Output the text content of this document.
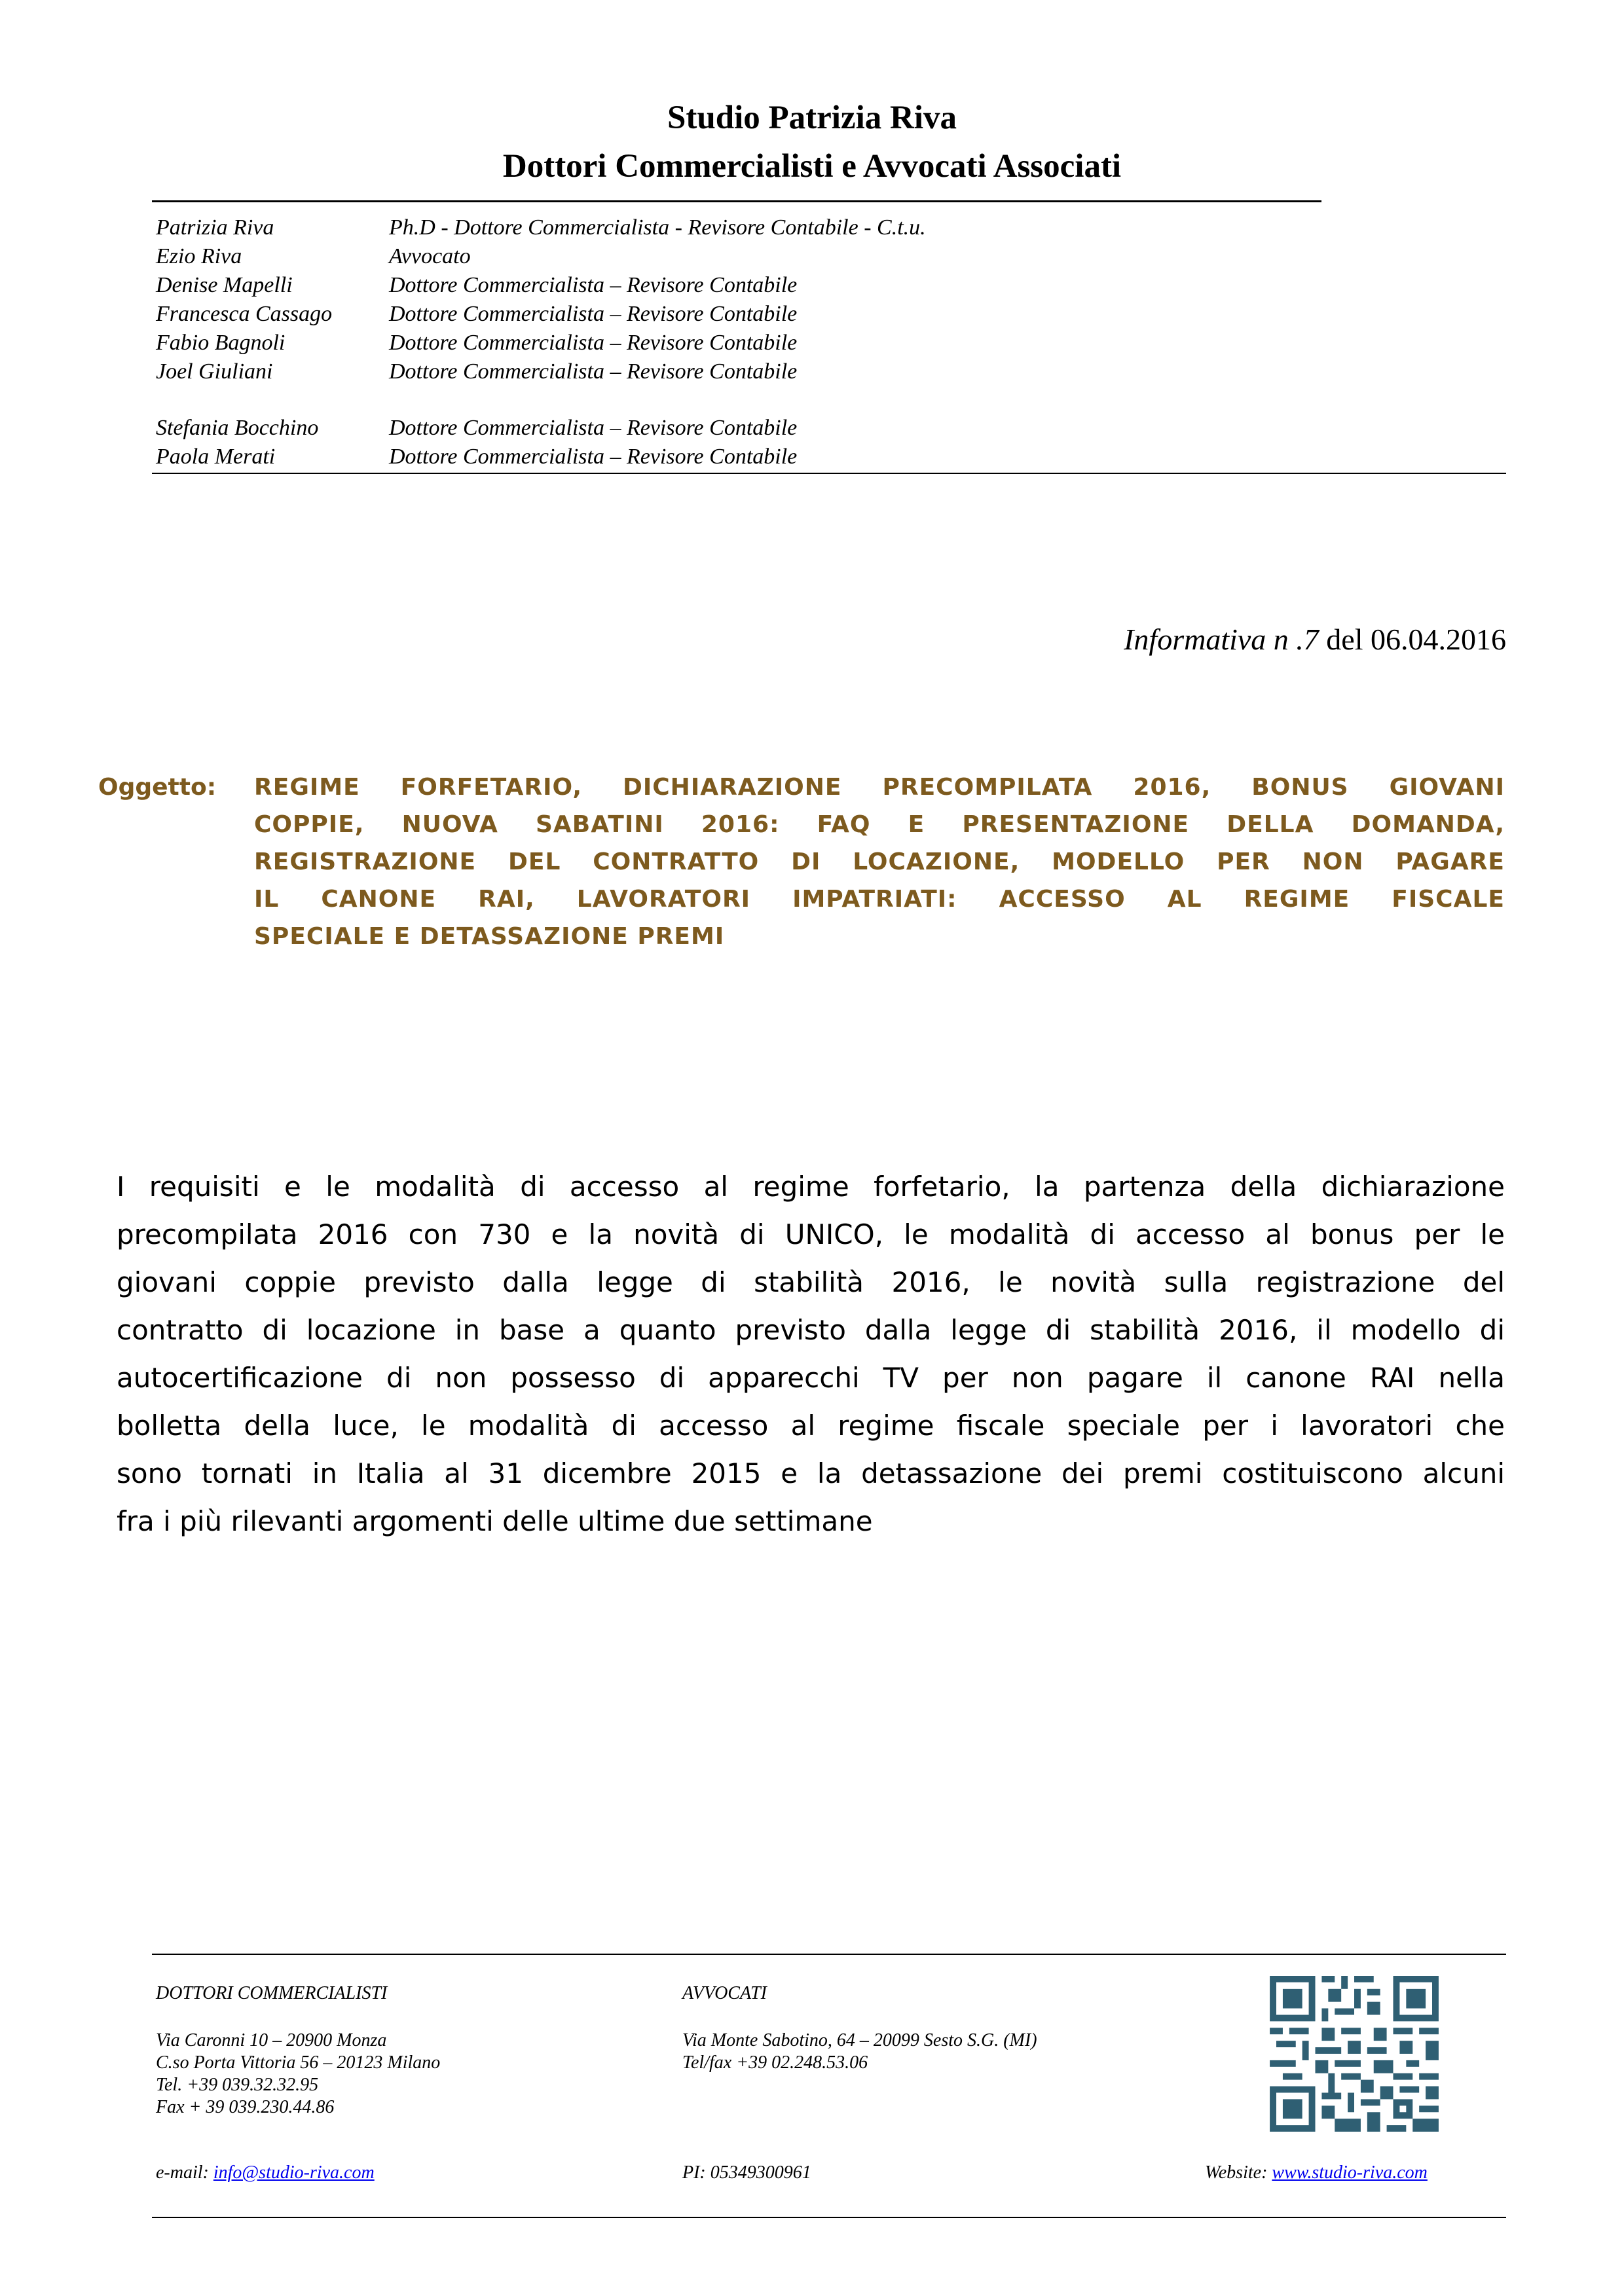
Studio Patrizia Riva
Dottori Commercialisti e Avvocati Associati
Patrizia Riva	Ph.D - Dottore Commercialista - Revisore Contabile - C.t.u.
Ezio Riva	Avvocato
Denise Mapelli	Dottore Commercialista – Revisore Contabile
Francesca Cassago	Dottore Commercialista – Revisore Contabile
Fabio Bagnoli	Dottore Commercialista – Revisore Contabile
Joel Giuliani	Dottore Commercialista – Revisore Contabile
Stefania Bocchino	Dottore Commercialista – Revisore Contabile
Paola Merati	Dottore Commercialista – Revisore Contabile
Informativa n .7 del 06.04.2016
Oggetto: REGIME FORFETARIO, DICHIARAZIONE PRECOMPILATA 2016, BONUS GIOVANI
COPPIE, NUOVA SABATINI 2016: FAQ E PRESENTAZIONE DELLA DOMANDA,
REGISTRAZIONE DEL CONTRATTO DI LOCAZIONE, MODELLO PER NON PAGARE
IL CANONE RAI, LAVORATORI IMPATRIATI: ACCESSO AL REGIME FISCALE
SPECIALE E DETASSAZIONE PREMI
I requisiti e le modalità di accesso al regime forfetario, la partenza della dichiarazione
precompilata 2016 con 730 e la novità di UNICO, le modalità di accesso al bonus per le
giovani coppie previsto dalla legge di stabilità 2016, le novità sulla registrazione del
contratto di locazione in base a quanto previsto dalla legge di stabilità 2016, il modello di
autocertificazione di non possesso di apparecchi TV per non pagare il canone RAI nella
bolletta della luce, le modalità di accesso al regime fiscale speciale per i lavoratori che
sono tornati in Italia al 31 dicembre 2015 e la detassazione dei premi costituiscono alcuni
fra i più rilevanti argomenti delle ultime due settimane
DOTTORI COMMERCIALISTI
Via Caronni 10 – 20900 Monza
C.so Porta Vittoria 56 – 20123 Milano
Tel. +39 039.32.32.95
Fax + 39 039.230.44.86
AVVOCATI
Via Monte Sabotino, 64 – 20099 Sesto S.G. (MI)
Tel/fax +39 02.248.53.06
e-mail: info@studio-riva.com	PI: 05349300961	Website: www.studio-riva.com
